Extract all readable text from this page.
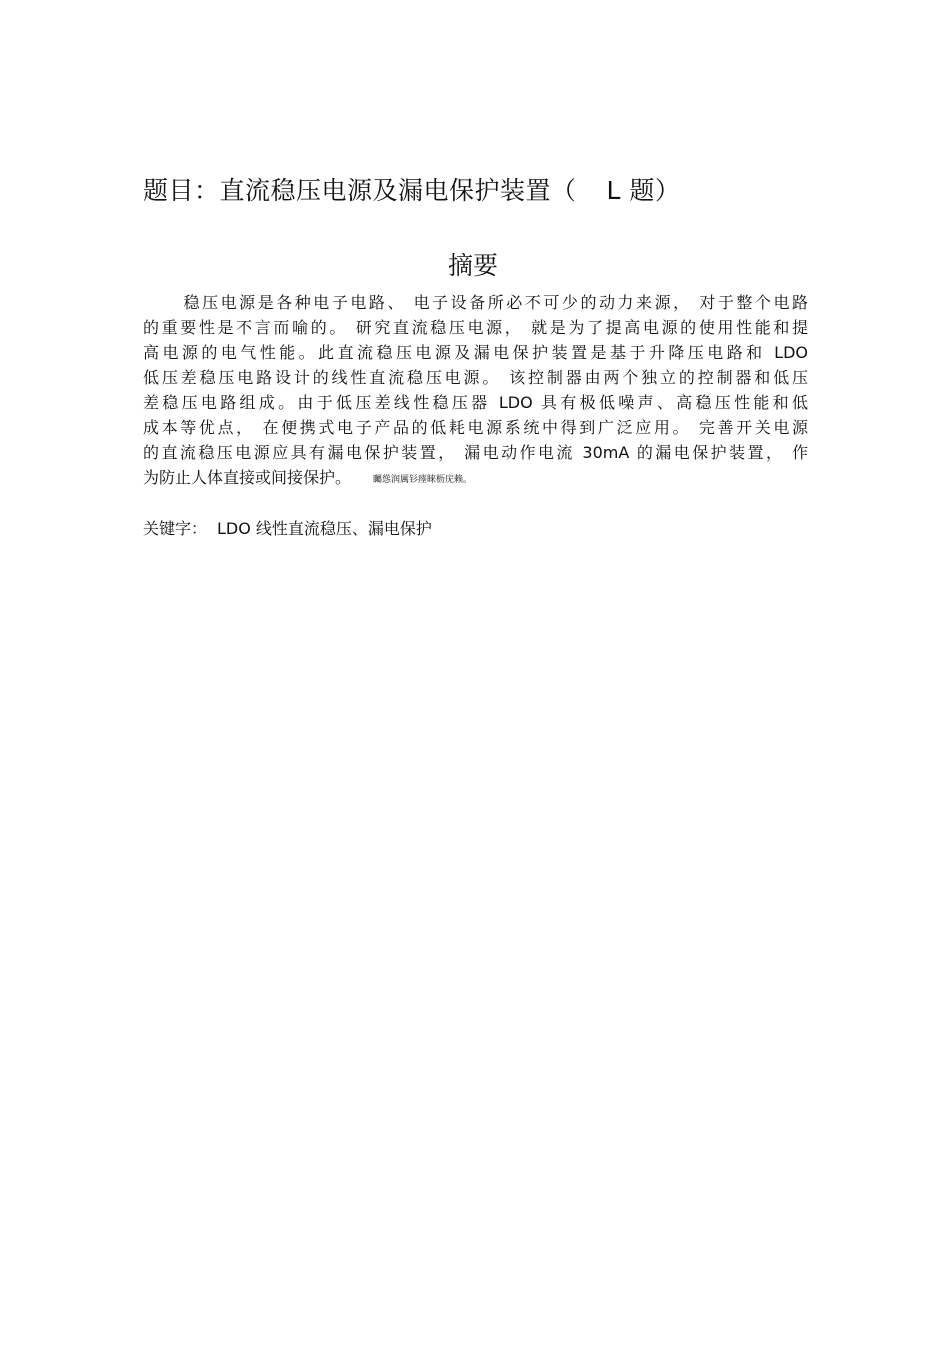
题目：直流稳压电源及漏电保护装置（ L 题）
摘要
稳压电源是各种电子电路、 电子设备所必不可少的动力来源， 对于整个电路
的重要性是不言而喻的。 研究直流稳压电源， 就是为了提高电源的使用性能和提
高电源的电气性能。此直流稳压电源及漏电保护装置是基于升降压电路和 LDO
低压差稳压电路设计的线性直流稳压电源。 该控制器由两个独立的控制器和低压
差稳压电路组成。由于低压差线性稳压器 LDO 具有极低噪声、高稳压性能和低
成本等优点， 在便携式电子产品的低耗电源系统中得到广泛应用。 完善开关电源
的直流稳压电源应具有漏电保护装置， 漏电动作电流 30mA 的漏电保护装置， 作
为防止人体直接或间接保护。 矚慫润厲钐瘗睞枥庑赖。
关键字： LDO 线性直流稳压、漏电保护
